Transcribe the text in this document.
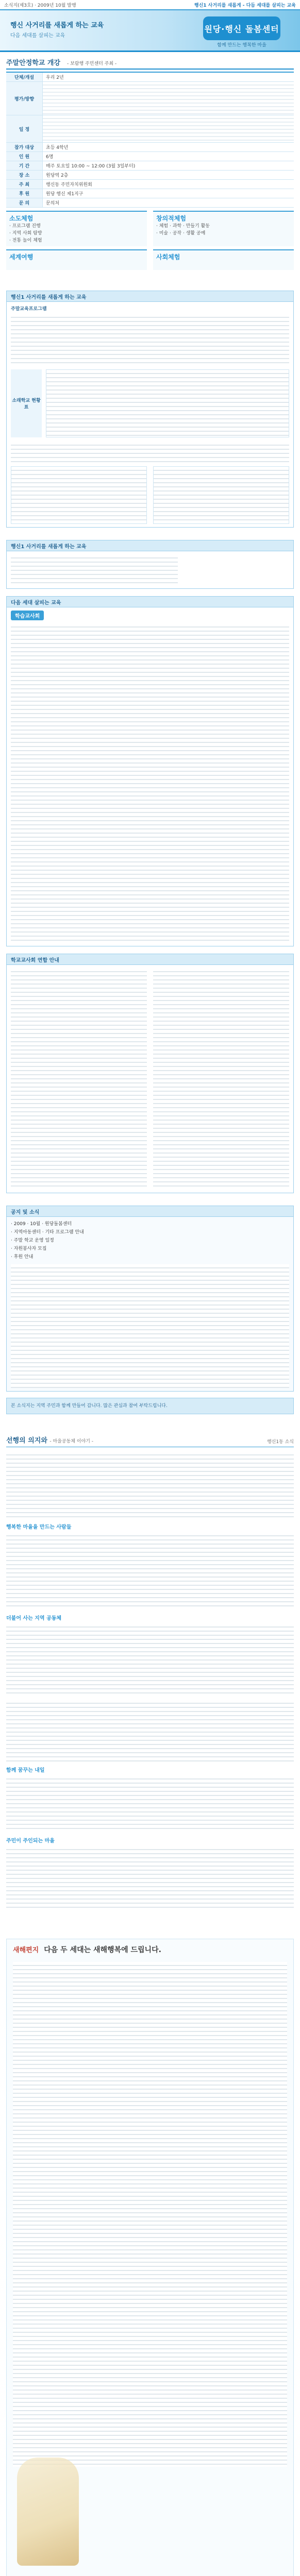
소식지(제3호) · 2009년 10월 발행	행신1 사거리를 새롭게 - 다듬 세대를 살피는 교육
행신 사거리를 새롭게 하는 교육
다음 세대를 살피는 교육
원당·행신 돌봄센터
함께 만드는 행복한 마을
주말안정학교 개강 - 보람행 주민센터 주최 -
단체/개설	우리 2년
평가/방향
일 정
참가 대상	초등 4학년
인 원	6명
기 간	매주 토요일 10:00 ~ 12:00 (3월 3일부터)
장 소	원당역 2층
주 최	행신동 주민자치위원회
후 원	원당 행신 제1지구
문 의	문의처
소도체험
· 프로그램 진행
· 지역 사회 탐방
· 전통 놀이 체험
창의적체험
· 체험 · 과학 · 만들기 활동
· 미술 · 공작 · 생활 공예
세계여행	사회체험
행신1 사거리를 새롭게 하는 교육
주말교육프로그램
소래학교 현황표
행신1 사거리를 새롭게 하는 교육
다음 세대 살피는 교육
학습교사회
학교교사회 연합 안내
공지 및 소식
· 2009 · 10월 · 원당돌봄센터
· 지역아동센터 · 기타 프로그램 안내
· 주말 학교 운영 일정
· 자원봉사자 모집
· 후원 안내
본 소식지는 지역 주민과 함께 만들어 갑니다. 많은 관심과 참여 부탁드립니다.
선행의 의지와 - 마을공동체 이야기 -	행신1동 소식
행복한 마을을 만드는 사람들
더불어 사는 지역 공동체
함께 꿈꾸는 내일
주민이 주인되는 마을
새해편지 다음 두 세대는 새해행복에 드립니다.
